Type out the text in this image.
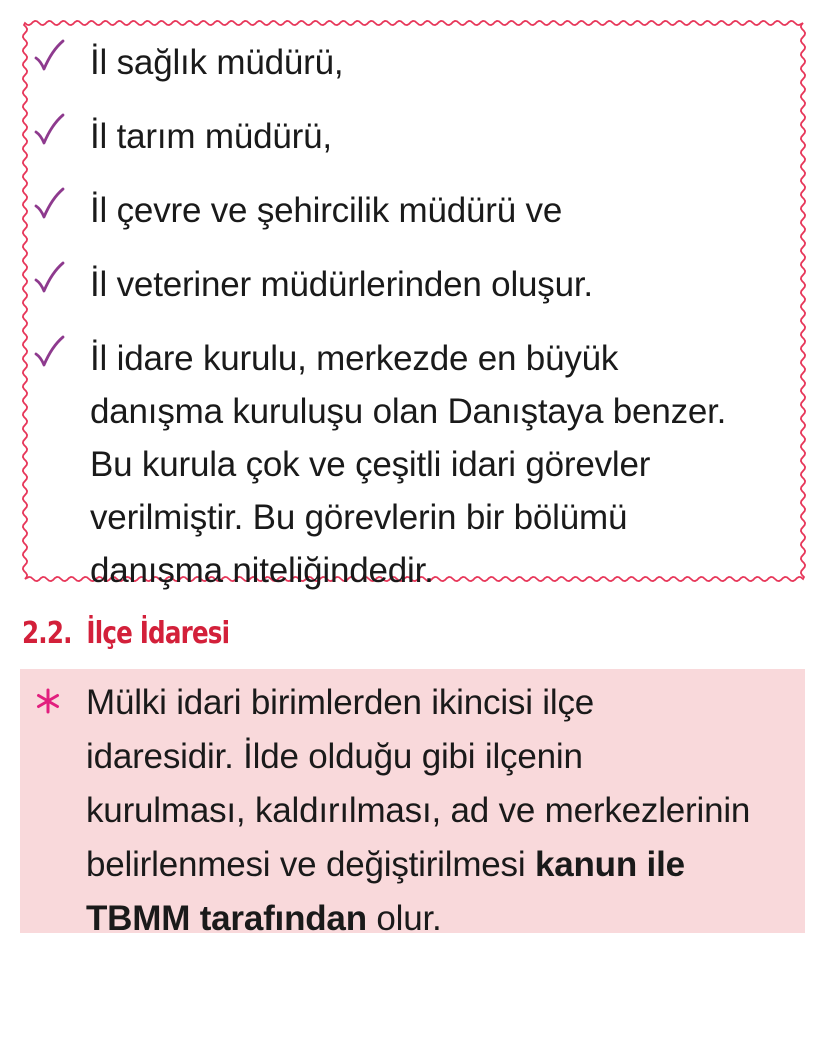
İl sağlık müdürü,
İl tarım müdürü,
İl çevre ve şehircilik müdürü ve
İl veteriner müdürlerinden oluşur.
İl idare kurulu, merkezde en büyük
danışma kuruluşu olan Danıştaya benzer.
Bu kurula çok ve çeşitli idari görevler
verilmiştir. Bu görevlerin bir bölümü
danışma niteliğindedir.
2.2. İlçe İdaresi
Mülki idari birimlerden ikincisi ilçe
idaresidir. İlde olduğu gibi ilçenin
kurulması, kaldırılması, ad ve merkezlerinin
belirlenmesi ve değiştirilmesi kanun ile
TBMM tarafından olur.
